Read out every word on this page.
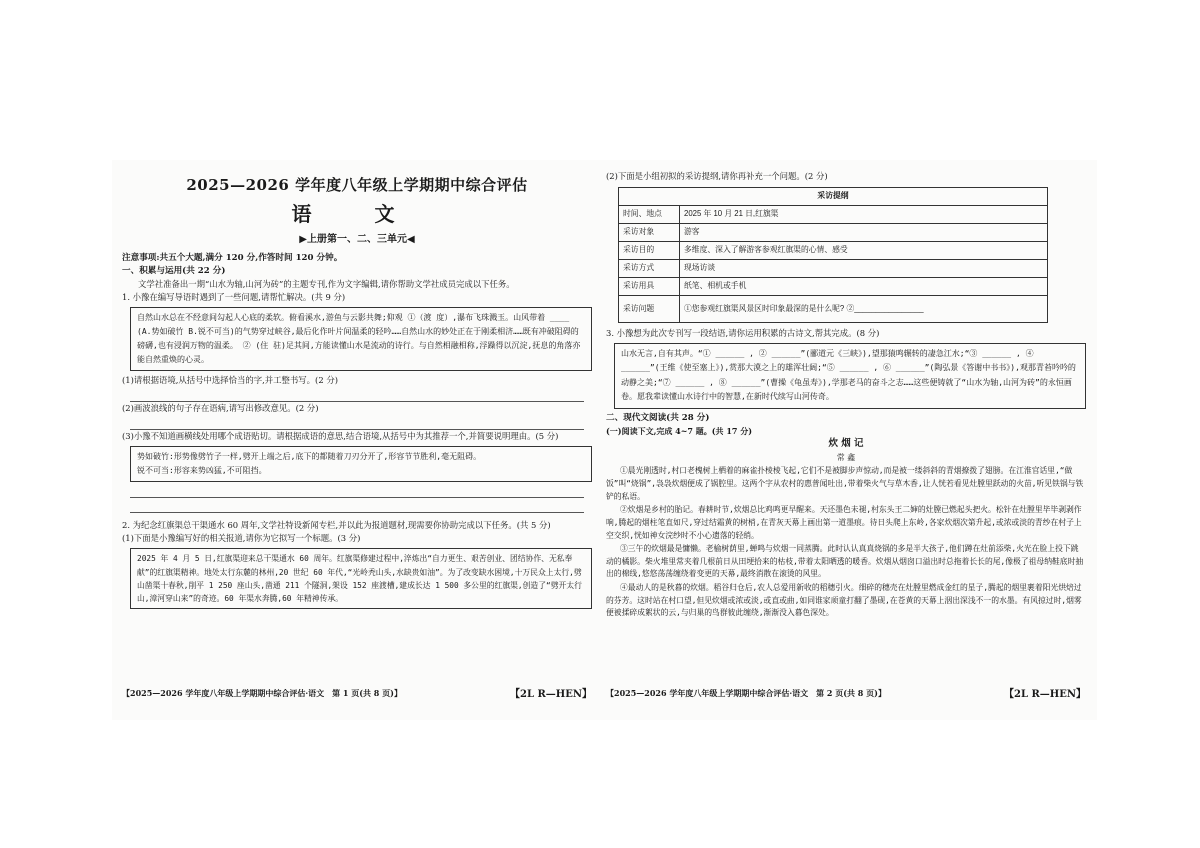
2025—2026 学年度八年级上学期期中综合评估
语 文
▶上册第一、二、三单元◀
注意事项:共五个大题,满分 120 分,作答时间 120 分钟。
一、积累与运用(共 22 分)

文学社准备出一期“山水为轴,山河为砖”的主题专刊,作为文字编辑,请你帮助文学社成员完成以下任务。

1. 小豫在编写导语时遇到了一些问题,请帮忙解决。(共 9 分)

自然山水总在不经意间勾起人心底的柔软。俯看溪水,游鱼与云影共舞;仰观 ①（渡 度）,瀑布飞珠溅玉。山风带着 ____ (A.势如破竹 B.锐不可当)的气势穿过峡谷,最后化作叶片间温柔的轻吟……自然山水的妙处正在于刚柔相济……既有冲破阻碍的磅礴,也有浸润万物的温柔。 ② (住 驻)足其间,方能读懂山水是流动的诗行。与自然相融相称,浮躁得以沉淀,抚息的角落亦能自然重焕的心灵。

(1)请根据语境,从括号中选择恰当的字,并工整书写。(2 分)

(2)画波浪线的句子存在语病,请写出修改意见。(2 分)

(3)小豫不知道画横线处用哪个成语贴切。请根据成语的意思,结合语境,从括号中为其推荐一个,并简要说明理由。(5 分)

势如破竹:形势像劈竹子一样,劈开上端之后,底下的都随着刀刃分开了,形容节节胜利,毫无阻碍。
锐不可当:形容来势凶猛,不可阻挡。

2. 为纪念红旗渠总干渠通水 60 周年,文学社特设新闻专栏,并以此为报道题材,现需要你协助完成以下任务。(共 5 分)

(1)下面是小豫编写好的相关报道,请你为它拟写一个标题。(3 分)

2025 年 4 月 5 日,红旗渠迎来总干渠通水 60 周年。红旗渠修建过程中,淬炼出“自力更生、艰苦创业、团结协作、无私奉献”的红旗渠精神。地处太行东麓的林州,20 世纪 60 年代,“光岭秃山头,水缺贵如油”。为了改变缺水困境,十万民众上太行,劈山凿渠十春秋,削平 1 250 座山头,凿通 211 个隧洞,架设 152 座渡槽,建成长达 1 500 多公里的红旗渠,创造了“劈开太行山,漳河穿山来”的奇迹。60 年渠水奔腾,60 年精神传承。
【2025—2026 学年度八年级上学期期中综合评估·语文　第 1 页(共 8 页)】	【2L R—HEN】

(2)下面是小组初拟的采访提纲,请你再补充一个问题。(2 分)

采访提纲	
时间、地点	2025 年 10 月 21 日,红旗渠
采访对象	游客
采访目的	多维度、深入了解游客参观红旗渠的心情、感受
采访方式	现场访谈
采访用具	纸笔、相机或手机
采访问题	①您参观红旗渠风景区时印象最深的是什么呢? ②________________

3. 小豫想为此次专刊写一段结语,请你运用积累的古诗文,帮其完成。(8 分)

山水无言,自有其声。“① ______ , ② ______”(郦道元《三峡》),望那猿鸣辗转的凄急江水;“③ ______ , ④ ______”(王维《使至塞上》),赏那大漠之上的雄浑壮阔;“⑤ ______ , ⑥ ______”(陶弘景《答谢中书书》),观那青苔吟吟的动静之美;“⑦ ______ , ⑧ ______”(曹操《龟虽寿》),学那老马的奋斗之志……这些便铸就了“山水为轴,山河为砖”的永恒画卷。愿我辈读懂山水诗行中的智慧,在新时代续写山河传奇。
二、现代文阅读(共 28 分)
(一)阅读下文,完成 4~7 题。(共 17 分)
炊 烟 记
常 鑫

①晨光刚透时,村口老槐树上栖着的麻雀扑棱棱飞起,它们不是被脚步声惊动,而是被一缕斜斜的青烟撩拨了翅膀。在江淮官话里,“做饭”叫“烧锅”,袅袅炊烟便成了锅腔里。这两个字从农村的惠普闻吐出,带着柴火气与草木香,让人恍若看见灶膛里跃动的火苗,听见铁锅与铁铲的私语。

②炊烟是乡村的胎记。春耕时节,炊烟总比鸡鸣更早醒来。天还墨色未褪,村东头王二婶的灶膛已燃起头把火。松针在灶膛里毕毕剥剥作响,腾起的烟柱笔直如尺,穿过结霜黄的树梢,在青灰天幕上画出第一道墨痕。待日头爬上东岭,各家炊烟次第升起,或浓或淡的青纱在村子上空交织,恍如神女浣纱时不小心遗落的轻绡。

③三午的炊烟最是慵懒。老榆树荫里,蝉鸣与炊烟一同蒸腾。此时认认真真烧锅的多是半大孩子,他们蹲在灶前添柴,火光在脸上投下跳动的橘影。柴火堆里常夹着几根前日从田埂拾来的枯枝,带着太阳晒透的暖香。炊烟从烟囱口溢出时总拖着长长的尾,像极了祖母纳鞋底时抽出的棉线,悠悠荡荡缠绕着变更的天幕,最终消散在滚烫的风里。

④最动人的是秋暮的炊烟。稻谷归仓后,农人总爱用新收的稻穗引火。细碎的穗壳在灶膛里燃成金红的星子,腾起的烟里裹着阳光烘焙过的芬芳。这时站在村口望,但见炊烟或浓或淡,或直或曲,如同谁家顽童打翻了墨砚,在苍黄的天幕上洇出深浅不一的水墨。有风掠过时,烟雾便被揉碎成絮状的云,与归巢的鸟群彼此缠绕,渐渐没入暮色深处。

【2025—2026 学年度八年级上学期期中综合评估·语文　第 2 页(共 8 页)】	【2L R—HEN】
